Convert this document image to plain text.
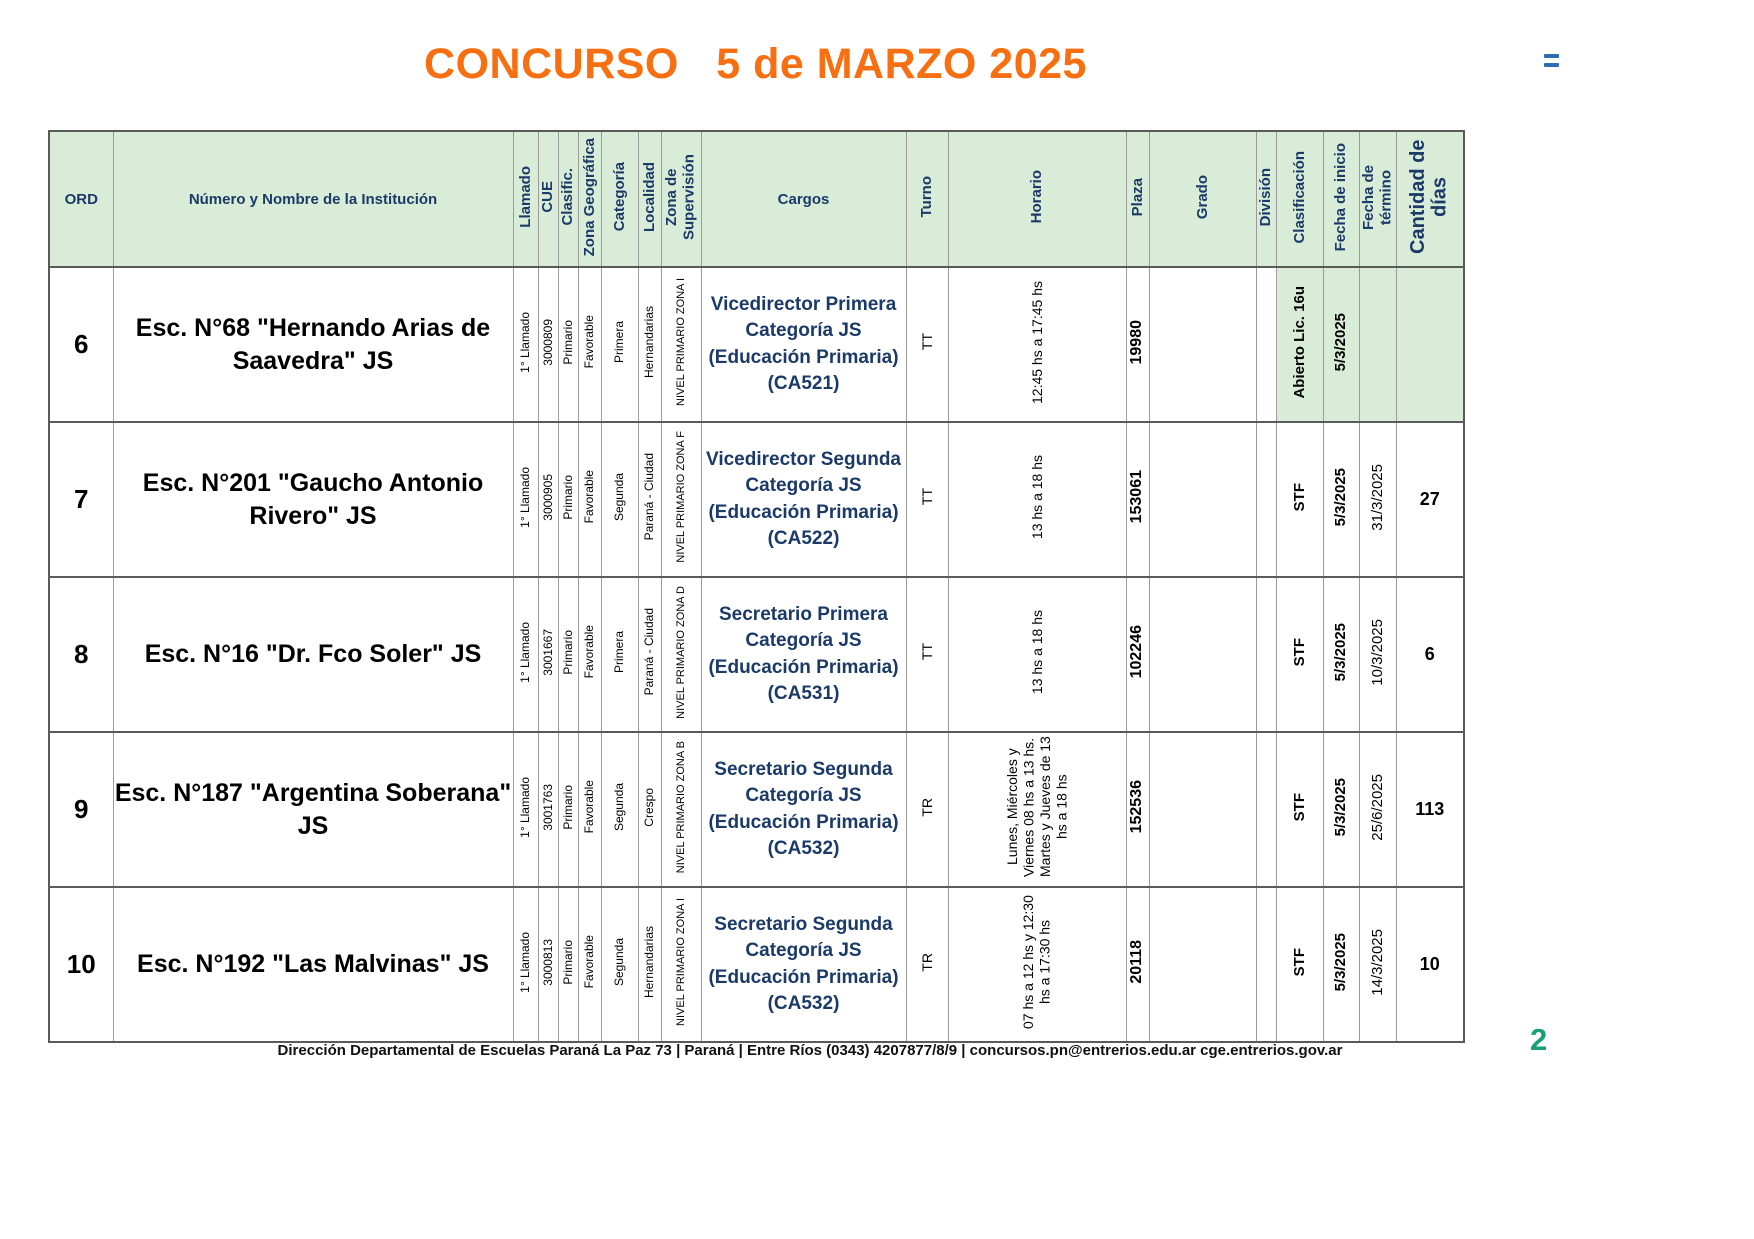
CONCURSO   5 de MARZO 2025
ORD	Número y Nombre de la Institución	Llamado	CUE	Clasific.	Zona Geográfica	Categoría	Localidad	Zona de Supervisión	Cargos	Turno	Horario	Plaza	Grado	División	Clasificación	Fecha de inicio	Fecha de término	Cantidad de días
6	Esc. N°68 "Hernando Arias de Saavedra" JS	1° Llamado	3000809	Primario	Favorable	Primera	Hernandarias	NIVEL PRIMARIO ZONA I	Vicedirector Primera Categoría JS (Educación Primaria) (CA521)	TT	12:45 hs a 17:45 hs	19980			Abierto Lic. 16u	5/3/2025		
7	Esc. N°201 "Gaucho Antonio Rivero" JS	1° Llamado	3000905	Primario	Favorable	Segunda	Paraná - Ciudad	NIVEL PRIMARIO ZONA F	Vicedirector Segunda Categoría JS (Educación Primaria) (CA522)	TT	13 hs a 18 hs	153061			STF	5/3/2025	31/3/2025	27
8	Esc. N°16 "Dr. Fco Soler" JS	1° Llamado	3001667	Primario	Favorable	Primera	Paraná - Ciudad	NIVEL PRIMARIO ZONA D	Secretario Primera Categoría JS (Educación Primaria) (CA531)	TT	13 hs a 18 hs	102246			STF	5/3/2025	10/3/2025	6
9	Esc. N°187 "Argentina Soberana" JS	1° Llamado	3001763	Primario	Favorable	Segunda	Crespo	NIVEL PRIMARIO ZONA B	Secretario Segunda Categoría JS (Educación Primaria) (CA532)	TR	Lunes, Miércoles y Viernes 08 hs a 13 hs. Martes y Jueves de 13 hs a 18 hs	152536			STF	5/3/2025	25/6/2025	113
10	Esc. N°192 "Las Malvinas" JS	1° Llamado	3000813	Primario	Favorable	Segunda	Hernandarias	NIVEL PRIMARIO ZONA I	Secretario Segunda Categoría JS (Educación Primaria) (CA532)	TR	07 hs a 12 hs y 12:30 hs a 17:30 hs	20118			STF	5/3/2025	14/3/2025	10
Dirección Departamental de Escuelas Paraná La Paz 73 | Paraná | Entre Ríos (0343) 4207877/8/9 | concursos.pn@entrerios.edu.ar cge.entrerios.gov.ar	2
